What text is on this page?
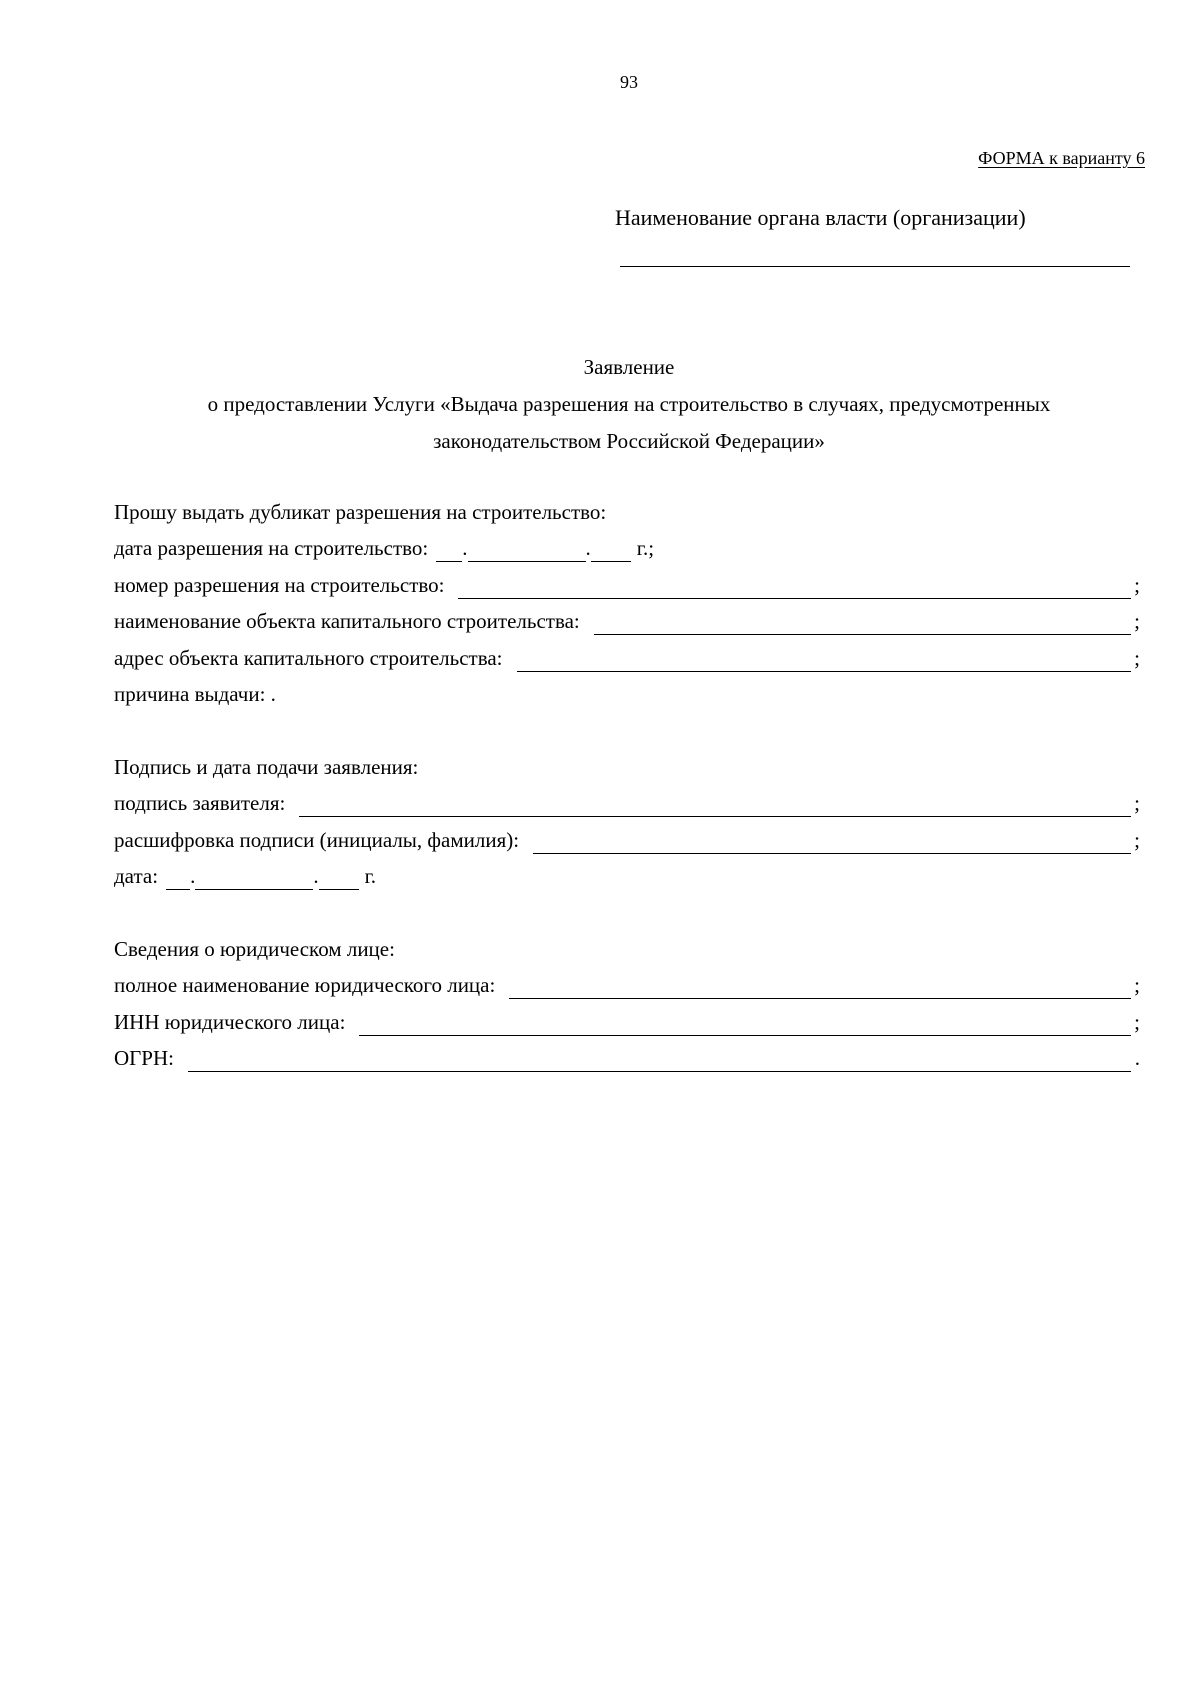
93
ФОРМА к варианту 6
Наименование органа власти (организации)
Заявление
о предоставлении Услуги «Выдача разрешения на строительство в случаях, предусмотренных
законодательством Российской Федерации»
Прошу выдать дубликат разрешения на строительство:
дата разрешения на строительство: .	. г.;
номер разрешения на строительство:	;
наименование объекта капитального строительства:	;
адрес объекта капитального строительства:	;
причина выдачи: .
Подпись и дата подачи заявления:
подпись заявителя:	;
расшифровка подписи (инициалы, фамилия):	;
дата: .	. г.
Сведения о юридическом лице:
полное наименование юридического лица:	;
ИНН юридического лица:	;
ОГРН:	.
